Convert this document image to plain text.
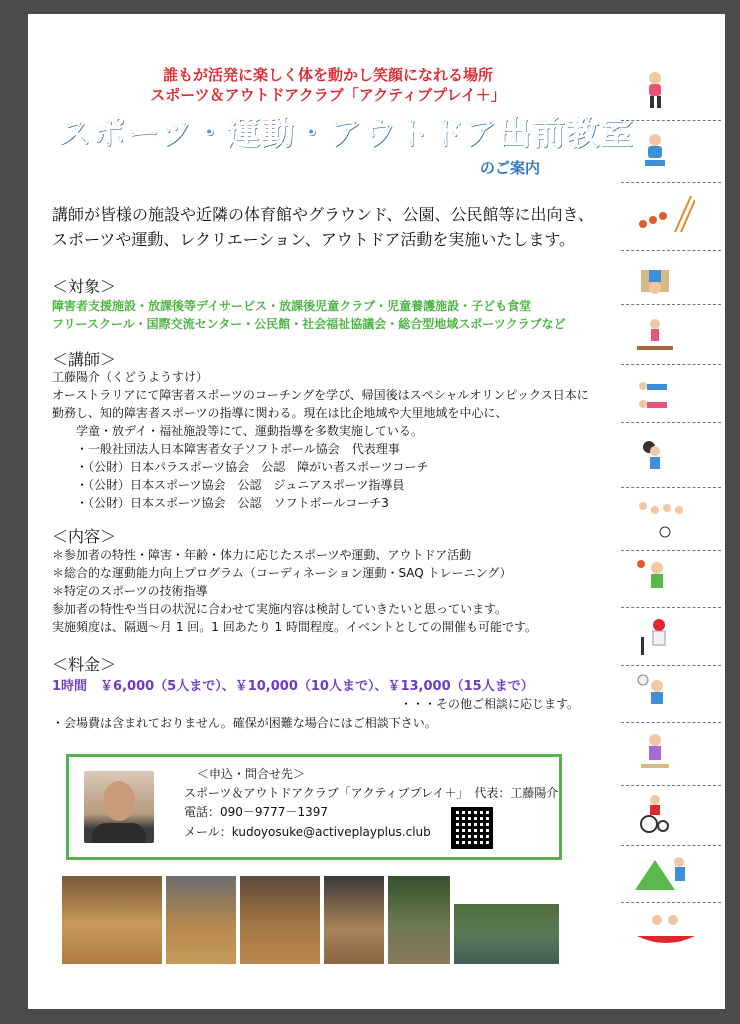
誰もが活発に楽しく体を動かし笑顔になれる場所
スポーツ＆アウトドアクラブ「アクティブプレイ＋」
スポーツ・運動・アウトドア出前教室
のご案内
講師が皆様の施設や近隣の体育館やグラウンド、公園、公民館等に出向き、
スポーツや運動、レクリエーション、アウトドア活動を実施いたします。
＜対象＞
障害者支援施設・放課後等デイサービス・放課後児童クラブ・児童養護施設・子ども食堂
フリースクール・国際交流センター・公民館・社会福祉協議会・総合型地域スポーツクラブなど
＜講師＞
工藤陽介（くどうようすけ）
オーストラリアにて障害者スポーツのコーチングを学び、帰国後はスペシャルオリンピックス日本に
勤務し、知的障害者スポーツの指導に関わる。現在は比企地域や大里地域を中心に、
学童・放デイ・福祉施設等にて、運動指導を多数実施している。
・一般社団法人日本障害者女子ソフトボール協会　代表理事
・（公財）日本パラスポーツ協会　公認　障がい者スポーツコーチ
・（公財）日本スポーツ協会　公認　ジュニアスポーツ指導員
・（公財）日本スポーツ協会　公認　ソフトボールコーチ3
＜内容＞
＊参加者の特性・障害・年齢・体力に応じたスポーツや運動、アウトドア活動
＊総合的な運動能力向上プログラム（コーディネーション運動・SAQ トレーニング）
＊特定のスポーツの技術指導
参加者の特性や当日の状況に合わせて実施内容は検討していきたいと思っています。
実施頻度は、隔週～月 1 回。1 回あたり 1 時間程度。イベントとしての開催も可能です。
＜料金＞
1時間　￥6,000（5人まで）、￥10,000（10人まで）、￥13,000（15人まで）
・・・その他ご相談に応じます。
・会場費は含まれておりません。確保が困難な場合にはご相談下さい。
＜申込・問合せ先＞
スポーツ＆アウトドアクラブ「アクティブプレイ＋」　代表：工藤陽介
電話：090－9777－1397
メール：kudoyosuke@activeplayplus.club
